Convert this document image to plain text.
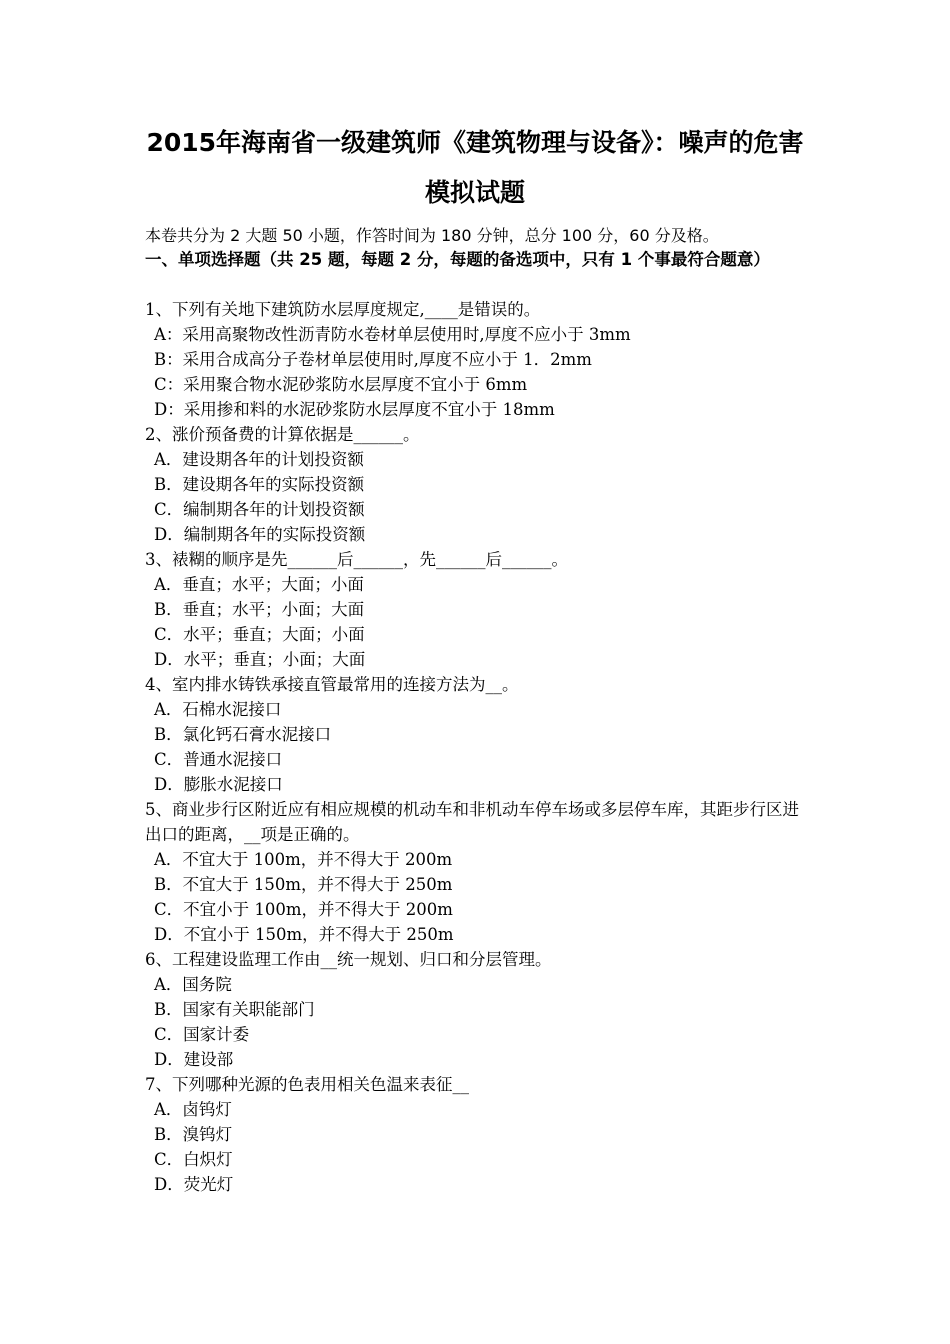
2015年海南省一级建筑师《建筑物理与设备》：噪声的危害
模拟试题
本卷共分为 2 大题 50 小题，作答时间为 180 分钟，总分 100 分，60 分及格。
一、单项选择题（共 25 题，每题 2 分，每题的备选项中，只有 1 个事最符合题意）
1、下列有关地下建筑防水层厚度规定,____是错误的。
A：采用高聚物改性沥青防水卷材单层使用时,厚度不应小于 3mm
B：采用合成高分子卷材单层使用时,厚度不应小于 1．2mm
C：采用聚合物水泥砂浆防水层厚度不宜小于 6mm
D：采用掺和料的水泥砂浆防水层厚度不宜小于 18mm
2、涨价预备费的计算依据是______。
A．建设期各年的计划投资额
B．建设期各年的实际投资额
C．编制期各年的计划投资额
D．编制期各年的实际投资额
3、裱糊的顺序是先______后______，先______后______。
A．垂直；水平；大面；小面
B．垂直；水平；小面；大面
C．水平；垂直；大面；小面
D．水平；垂直；小面；大面
4、室内排水铸铁承接直管最常用的连接方法为__。
A．石棉水泥接口
B．氯化钙石膏水泥接口
C．普通水泥接口
D．膨胀水泥接口
5、商业步行区附近应有相应规模的机动车和非机动车停车场或多层停车库，其距步行区进出口的距离，__项是正确的。
A．不宜大于 100m，并不得大于 200m
B．不宜大于 150m，并不得大于 250m
C．不宜小于 100m，并不得大于 200m
D．不宜小于 150m，并不得大于 250m
6、工程建设监理工作由__统一规划、归口和分层管理。
A．国务院
B．国家有关职能部门
C．国家计委
D．建设部
7、下列哪种光源的色表用相关色温来表征__
A．卤钨灯
B．溴钨灯
C．白炽灯
D．荧光灯
